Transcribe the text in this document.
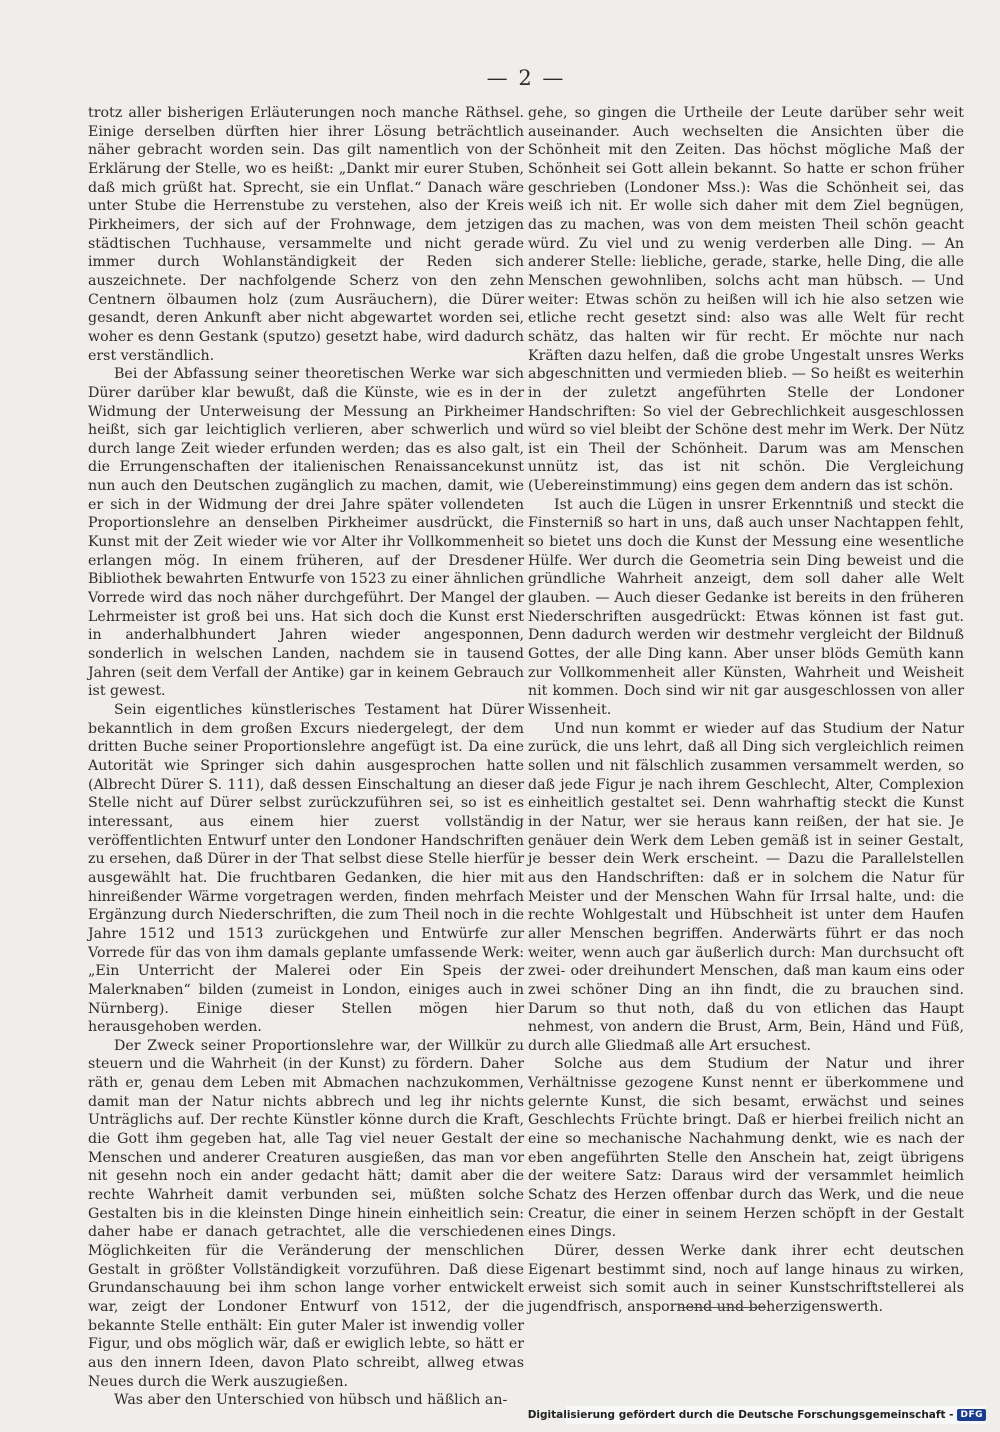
— 2 —

trotz aller bisherigen Erläuterungen noch manche Räthsel. Einige derselben dürften hier ihrer Lösung beträchtlich näher gebracht worden sein. Das gilt namentlich von der Erklärung der Stelle, wo es heißt: „Dankt mir eurer Stuben, daß mich grüßt hat. Sprecht, sie ein Unflat.“ Danach wäre unter Stube die Herrenstube zu verstehen, also der Kreis Pirkheimers, der sich auf der Frohnwage, dem jetzigen städtischen Tuchhause, versammelte und nicht gerade immer durch Wohlanständigkeit der Reden sich auszeichnete. Der nachfolgende Scherz von den zehn Centnern ölbaumen holz (zum Ausräuchern), die Dürer gesandt, deren Ankunft aber nicht abgewartet worden sei, woher es denn Gestank (sputzo) gesetzt habe, wird dadurch erst verständlich.

Bei der Abfassung seiner theoretischen Werke war sich Dürer darüber klar bewußt, daß die Künste, wie es in der Widmung der Unterweisung der Messung an Pirkheimer heißt, sich gar leichtiglich verlieren, aber schwerlich und durch lange Zeit wieder erfunden werden; das es also galt, die Errungenschaften der italienischen Renaissancekunst nun auch den Deutschen zugänglich zu machen, damit, wie er sich in der Widmung der drei Jahre später vollendeten Proportionslehre an denselben Pirkheimer ausdrückt, die Kunst mit der Zeit wieder wie vor Alter ihr Vollkommenheit erlangen mög. In einem früheren, auf der Dresdener Bibliothek bewahrten Entwurfe von 1523 zu einer ähnlichen Vorrede wird das noch näher durchgeführt. Der Mangel der Lehrmeister ist groß bei uns. Hat sich doch die Kunst erst in anderhalbhundert Jahren wieder angesponnen, sonderlich in welschen Landen, nachdem sie in tausend Jahren (seit dem Verfall der Antike) gar in keinem Gebrauch ist gewest.

Sein eigentliches künstlerisches Testament hat Dürer bekanntlich in dem großen Excurs niedergelegt, der dem dritten Buche seiner Proportionslehre angefügt ist. Da eine Autorität wie Springer sich dahin ausgesprochen hatte (Albrecht Dürer S. 111), daß dessen Einschaltung an dieser Stelle nicht auf Dürer selbst zurückzuführen sei, so ist es interessant, aus einem hier zuerst vollständig veröffentlichten Entwurf unter den Londoner Handschriften zu ersehen, daß Dürer in der That selbst diese Stelle hierfür ausgewählt hat. Die fruchtbaren Gedanken, die hier mit hinreißender Wärme vorgetragen werden, finden mehrfach Ergänzung durch Niederschriften, die zum Theil noch in die Jahre 1512 und 1513 zurückgehen und Entwürfe zur Vorrede für das von ihm damals geplante umfassende Werk: „Ein Unterricht der Malerei oder Ein Speis der Malerknaben“ bilden (zumeist in London, einiges auch in Nürnberg). Einige dieser Stellen mögen hier herausgehoben werden.

Der Zweck seiner Proportionslehre war, der Willkür zu steuern und die Wahrheit (in der Kunst) zu fördern. Daher räth er, genau dem Leben mit Abmachen nachzukommen, damit man der Natur nichts abbrech und leg ihr nichts Unträglichs auf. Der rechte Künstler könne durch die Kraft, die Gott ihm gegeben hat, alle Tag viel neuer Gestalt der Menschen und anderer Creaturen ausgießen, das man vor nit gesehn noch ein ander gedacht hätt; damit aber die rechte Wahrheit damit verbunden sei, müßten solche Gestalten bis in die kleinsten Dinge hinein einheitlich sein: daher habe er danach getrachtet, alle die verschiedenen Möglichkeiten für die Veränderung der menschlichen Gestalt in größter Vollständigkeit vorzuführen. Daß diese Grundanschauung bei ihm schon lange vorher entwickelt war, zeigt der Londoner Entwurf von 1512, der die bekannte Stelle enthält: Ein guter Maler ist inwendig voller Figur, und obs möglich wär, daß er ewiglich lebte, so hätt er aus den innern Ideen, davon Plato schreibt, allweg etwas Neues durch die Werk auszugießen.

Was aber den Unterschied von hübsch und häßlich an-

gehe, so gingen die Urtheile der Leute darüber sehr weit auseinander. Auch wechselten die Ansichten über die Schönheit mit den Zeiten. Das höchst mögliche Maß der Schönheit sei Gott allein bekannt. So hatte er schon früher geschrieben (Londoner Mss.): Was die Schönheit sei, das weiß ich nit. Er wolle sich daher mit dem Ziel begnügen, das zu machen, was von dem meisten Theil schön geacht würd. Zu viel und zu wenig verderben alle Ding. — An anderer Stelle: liebliche, gerade, starke, helle Ding, die alle Menschen gewohnliben, solchs acht man hübsch. — Und weiter: Etwas schön zu heißen will ich hie also setzen wie etliche recht gesetzt sind: also was alle Welt für recht schätz, das halten wir für recht. Er möchte nur nach Kräften dazu helfen, daß die grobe Ungestalt unsres Werks abgeschnitten und vermieden blieb. — So heißt es weiterhin in der zuletzt angeführten Stelle der Londoner Handschriften: So viel der Gebrechlichkeit ausgeschlossen würd so viel bleibt der Schöne dest mehr im Werk. Der Nütz ist ein Theil der Schönheit. Darum was am Menschen unnütz ist, das ist nit schön. Die Vergleichung (Uebereinstimmung) eins gegen dem andern das ist schön.

Ist auch die Lügen in unsrer Erkenntniß und steckt die Finsterniß so hart in uns, daß auch unser Nachtappen fehlt, so bietet uns doch die Kunst der Messung eine wesentliche Hülfe. Wer durch die Geometria sein Ding beweist und die gründliche Wahrheit anzeigt, dem soll daher alle Welt glauben. — Auch dieser Gedanke ist bereits in den früheren Niederschriften ausgedrückt: Etwas können ist fast gut. Denn dadurch werden wir destmehr vergleicht der Bildnuß Gottes, der alle Ding kann. Aber unser blöds Gemüth kann zur Vollkommenheit aller Künsten, Wahrheit und Weisheit nit kommen. Doch sind wir nit gar ausgeschlossen von aller Wissenheit.

Und nun kommt er wieder auf das Studium der Natur zurück, die uns lehrt, daß all Ding sich vergleichlich reimen sollen und nit fälschlich zusammen versammelt werden, so daß jede Figur je nach ihrem Geschlecht, Alter, Complexion einheitlich gestaltet sei. Denn wahrhaftig steckt die Kunst in der Natur, wer sie heraus kann reißen, der hat sie. Je genäuer dein Werk dem Leben gemäß ist in seiner Gestalt, je besser dein Werk erscheint. — Dazu die Parallelstellen aus den Handschriften: daß er in solchem die Natur für Meister und der Menschen Wahn für Irrsal halte, und: die rechte Wohlgestalt und Hübschheit ist unter dem Haufen aller Menschen begriffen. Anderwärts führt er das noch weiter, wenn auch gar äußerlich durch: Man durchsucht oft zwei- oder dreihundert Menschen, daß man kaum eins oder zwei schöner Ding an ihn findt, die zu brauchen sind. Darum so thut noth, daß du von etlichen das Haupt nehmest, von andern die Brust, Arm, Bein, Händ und Füß, durch alle Gliedmaß alle Art ersuchest.

Solche aus dem Studium der Natur und ihrer Verhältnisse gezogene Kunst nennt er überkommene und gelernte Kunst, die sich besamt, erwächst und seines Geschlechts Früchte bringt. Daß er hierbei freilich nicht an eine so mechanische Nachahmung denkt, wie es nach der eben angeführten Stelle den Anschein hat, zeigt übrigens der weitere Satz: Daraus wird der versammlet heimlich Schatz des Herzen offenbar durch das Werk, und die neue Creatur, die einer in seinem Herzen schöpft in der Gestalt eines Dings.

Dürer, dessen Werke dank ihrer echt deutschen Eigenart bestimmt sind, noch auf lange hinaus zu wirken, erweist sich somit auch in seiner Kunstschriftstellerei als jugendfrisch, anspornend und beherzigenswerth.

Digitalisierung gefördert durch die Deutsche Forschungsgemeinschaft - DFG
